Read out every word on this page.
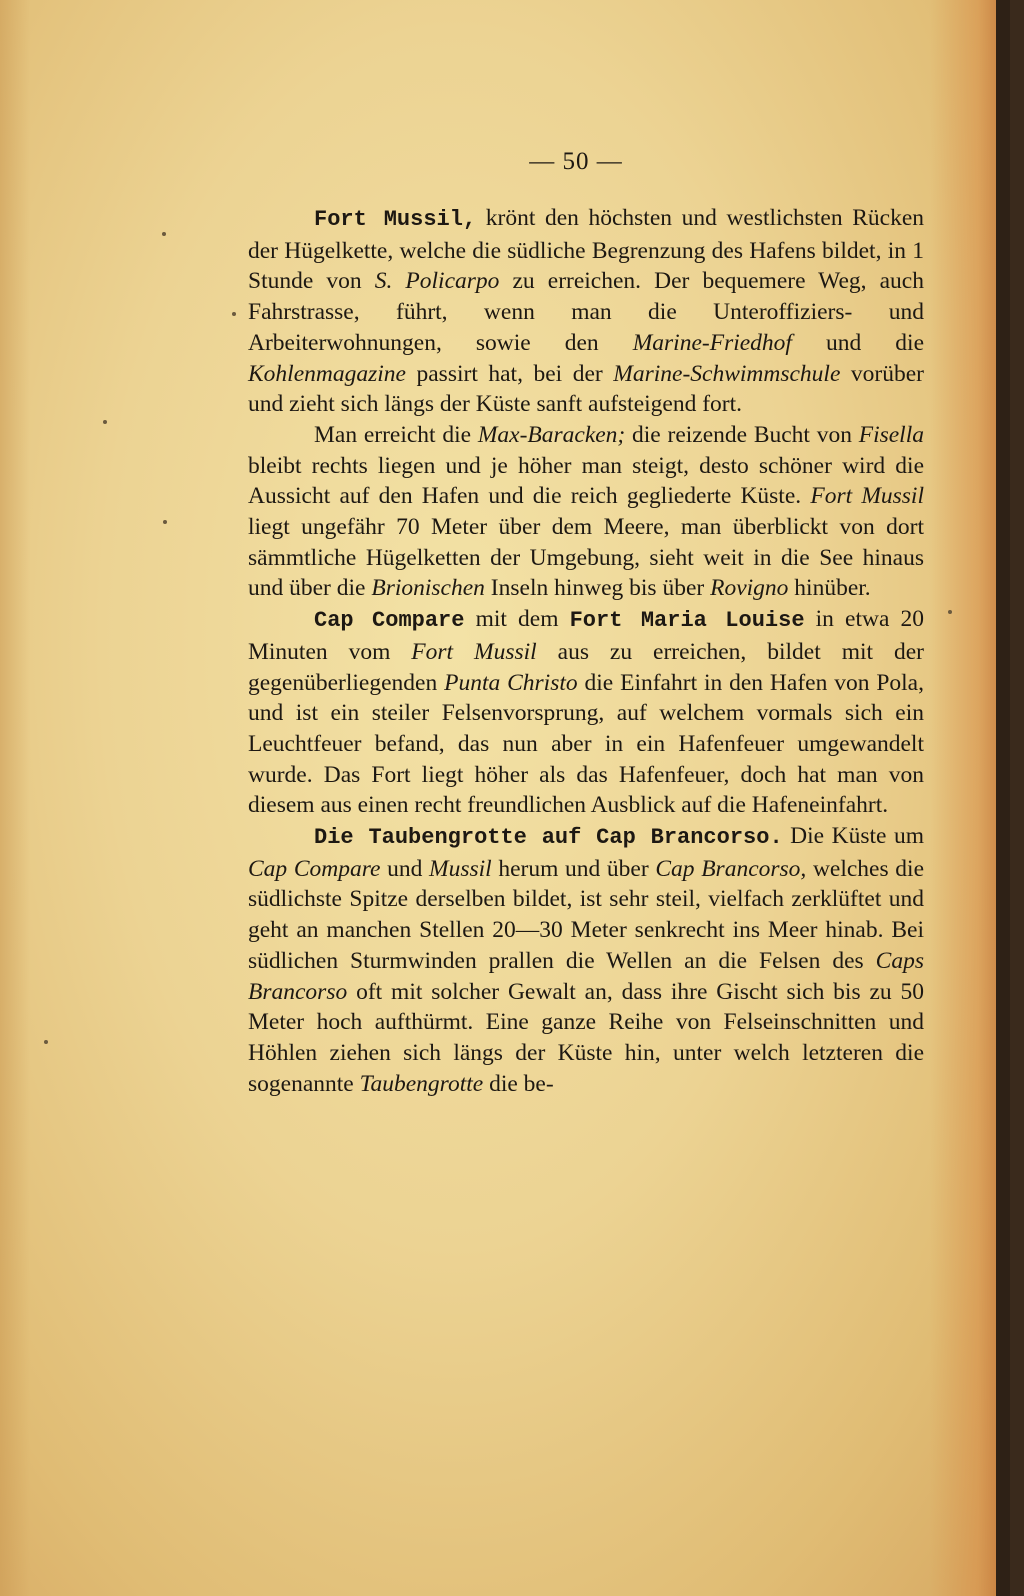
— 50 —

Fort Mussil, krönt den höchsten und westlichsten Rücken der Hügelkette, welche die südliche Begrenzung des Hafens bildet, in 1 Stunde von S. Policarpo zu erreichen. Der bequemere Weg, auch Fahrstrasse, führt, wenn man die Unteroffiziers- und Arbeiterwohnungen, sowie den Marine-Friedhof und die Kohlenmagazine passirt hat, bei der Marine-Schwimmschule vorüber und zieht sich längs der Küste sanft aufsteigend fort.

Man erreicht die Max-Baracken; die reizende Bucht von Fisella bleibt rechts liegen und je höher man steigt, desto schöner wird die Aussicht auf den Hafen und die reich gegliederte Küste. Fort Mussil liegt ungefähr 70 Meter über dem Meere, man überblickt von dort sämmtliche Hügelketten der Umgebung, sieht weit in die See hinaus und über die Brionischen Inseln hinweg bis über Rovigno hinüber.

Cap Compare mit dem Fort Maria Louise in etwa 20 Minuten vom Fort Mussil aus zu erreichen, bildet mit der gegenüberliegenden Punta Christo die Einfahrt in den Hafen von Pola, und ist ein steiler Felsenvorsprung, auf welchem vormals sich ein Leuchtfeuer befand, das nun aber in ein Hafenfeuer umgewandelt wurde. Das Fort liegt höher als das Hafenfeuer, doch hat man von diesem aus einen recht freundlichen Ausblick auf die Hafeneinfahrt.

Die Taubengrotte auf Cap Brancorso. Die Küste um Cap Compare und Mussil herum und über Cap Brancorso, welches die südlichste Spitze derselben bildet, ist sehr steil, vielfach zerklüftet und geht an manchen Stellen 20—30 Meter senkrecht ins Meer hinab. Bei südlichen Sturmwinden prallen die Wellen an die Felsen des Caps Brancorso oft mit solcher Gewalt an, dass ihre Gischt sich bis zu 50 Meter hoch aufthürmt. Eine ganze Reihe von Felseinschnitten und Höhlen ziehen sich längs der Küste hin, unter welch letzteren die sogenannte Taubengrotte die be-
